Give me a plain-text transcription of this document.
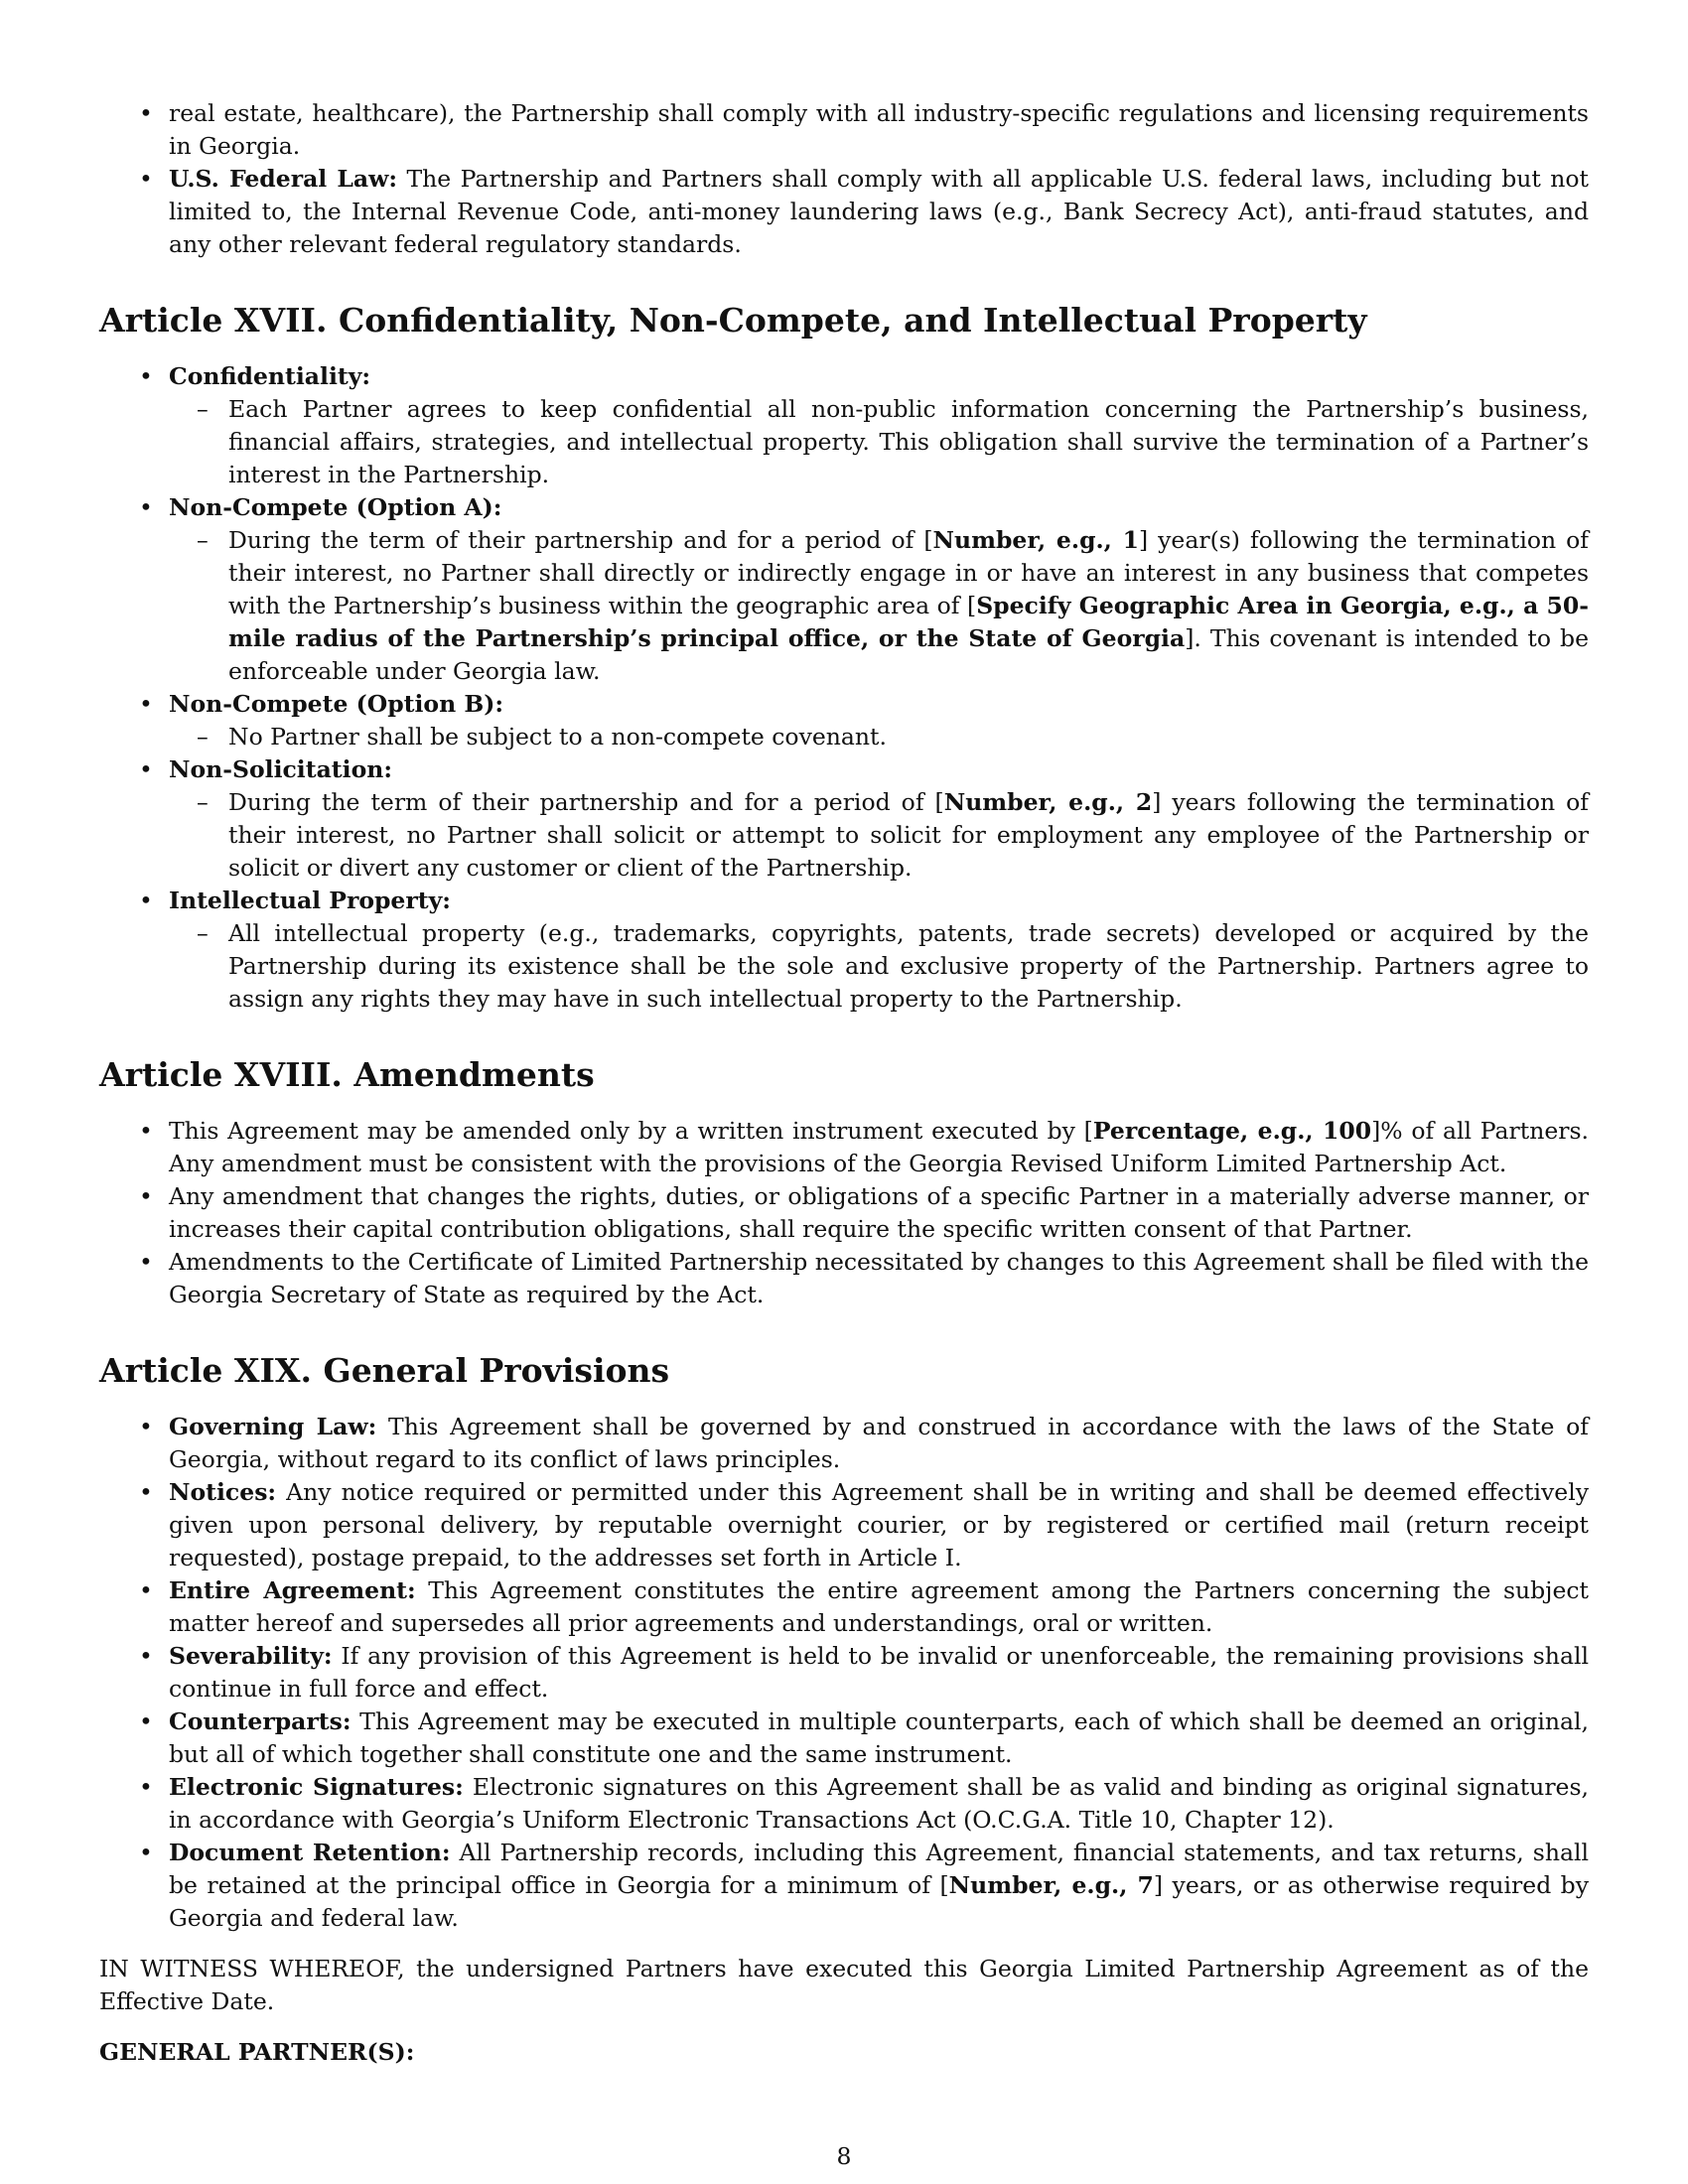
• real estate, healthcare), the Partnership shall comply with all industry-specific regulations and licensing requirements in Georgia.
• U.S. Federal Law: The Partnership and Partners shall comply with all applicable U.S. federal laws, including but not limited to, the Internal Revenue Code, anti-money laundering laws (e.g., Bank Secrecy Act), anti-fraud statutes, and any other relevant federal regulatory standards.
Article XVII. Confidentiality, Non-Compete, and Intellectual Property
• Confidentiality:
– Each Partner agrees to keep confidential all non-public information concerning the Partnership’s business, financial affairs, strategies, and intellectual property. This obligation shall survive the termination of a Partner’s interest in the Partnership.
• Non-Compete (Option A):
– During the term of their partnership and for a period of [Number, e.g., 1] year(s) following the termination of their interest, no Partner shall directly or indirectly engage in or have an interest in any business that competes with the Partnership’s business within the geographic area of [Specify Geographic Area in Georgia, e.g., a 50-mile radius of the Partnership’s principal office, or the State of Georgia]. This covenant is intended to be enforceable under Georgia law.
• Non-Compete (Option B):
– No Partner shall be subject to a non-compete covenant.
• Non-Solicitation:
– During the term of their partnership and for a period of [Number, e.g., 2] years following the termination of their interest, no Partner shall solicit or attempt to solicit for employment any employee of the Partnership or solicit or divert any customer or client of the Partnership.
• Intellectual Property:
– All intellectual property (e.g., trademarks, copyrights, patents, trade secrets) developed or acquired by the Partnership during its existence shall be the sole and exclusive property of the Partnership. Partners agree to assign any rights they may have in such intellectual property to the Partnership.
Article XVIII. Amendments
• This Agreement may be amended only by a written instrument executed by [Percentage, e.g., 100]% of all Partners. Any amendment must be consistent with the provisions of the Georgia Revised Uniform Limited Partnership Act.
• Any amendment that changes the rights, duties, or obligations of a specific Partner in a materially adverse manner, or increases their capital contribution obligations, shall require the specific written consent of that Partner.
• Amendments to the Certificate of Limited Partnership necessitated by changes to this Agreement shall be filed with the Georgia Secretary of State as required by the Act.
Article XIX. General Provisions
• Governing Law: This Agreement shall be governed by and construed in accordance with the laws of the State of Georgia, without regard to its conflict of laws principles.
• Notices: Any notice required or permitted under this Agreement shall be in writing and shall be deemed effectively given upon personal delivery, by reputable overnight courier, or by registered or certified mail (return receipt requested), postage prepaid, to the addresses set forth in Article I.
• Entire Agreement: This Agreement constitutes the entire agreement among the Partners concerning the subject matter hereof and supersedes all prior agreements and understandings, oral or written.
• Severability: If any provision of this Agreement is held to be invalid or unenforceable, the remaining provisions shall continue in full force and effect.
• Counterparts: This Agreement may be executed in multiple counterparts, each of which shall be deemed an original, but all of which together shall constitute one and the same instrument.
• Electronic Signatures: Electronic signatures on this Agreement shall be as valid and binding as original signatures, in accordance with Georgia’s Uniform Electronic Transactions Act (O.C.G.A. Title 10, Chapter 12).
• Document Retention: All Partnership records, including this Agreement, financial statements, and tax returns, shall be retained at the principal office in Georgia for a minimum of [Number, e.g., 7] years, or as otherwise required by Georgia and federal law.

IN WITNESS WHEREOF, the undersigned Partners have executed this Georgia Limited Partnership Agreement as of the Effective Date.

GENERAL PARTNER(S):

8
